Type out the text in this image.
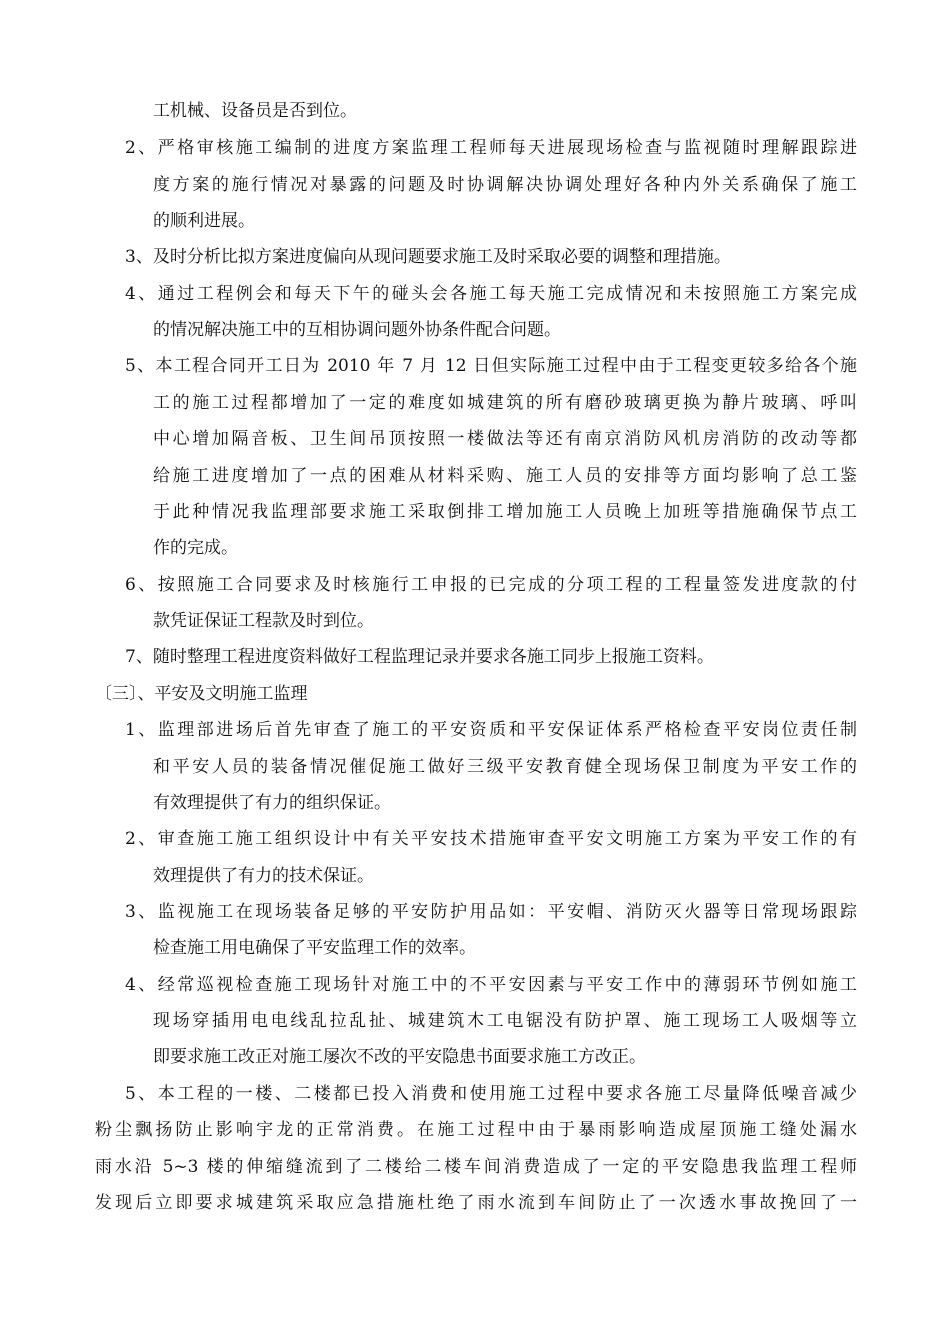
工机械、设备员是否到位。
2、严格审核施工编制的进度方案监理工程师每天进展现场检查与监视随时理解跟踪进
度方案的施行情况对暴露的问题及时协调解决协调处理好各种内外关系确保了施工
的顺利进展。
3、及时分析比拟方案进度偏向从现问题要求施工及时采取必要的调整和理措施。
4、通过工程例会和每天下午的碰头会各施工每天施工完成情况和未按照施工方案完成
的情况解决施工中的互相协调问题外协条件配合问题。
5、本工程合同开工日为 2010 年 7 月 12 日但实际施工过程中由于工程变更较多给各个施
工的施工过程都增加了一定的难度如城建筑的所有磨砂玻璃更换为静片玻璃、呼叫
中心增加隔音板、卫生间吊顶按照一楼做法等还有南京消防风机房消防的改动等都
给施工进度增加了一点的困难从材料采购、施工人员的安排等方面均影响了总工鉴
于此种情况我监理部要求施工采取倒排工增加施工人员晚上加班等措施确保节点工
作的完成。
6、按照施工合同要求及时核施行工申报的已完成的分项工程的工程量签发进度款的付
款凭证保证工程款及时到位。
7、随时整理工程进度资料做好工程监理记录并要求各施工同步上报施工资料。
〔三〕、平安及文明施工监理
1、监理部进场后首先审查了施工的平安资质和平安保证体系严格检查平安岗位责任制
和平安人员的装备情况催促施工做好三级平安教育健全现场保卫制度为平安工作的
有效理提供了有力的组织保证。
2、审查施工施工组织设计中有关平安技术措施审查平安文明施工方案为平安工作的有
效理提供了有力的技术保证。
3、监视施工在现场装备足够的平安防护用品如：平安帽、消防灭火器等日常现场跟踪
检查施工用电确保了平安监理工作的效率。
4、经常巡视检查施工现场针对施工中的不平安因素与平安工作中的薄弱环节例如施工
现场穿插用电电线乱拉乱扯、城建筑木工电锯没有防护罩、施工现场工人吸烟等立
即要求施工改正对施工屡次不改的平安隐患书面要求施工方改正。
5、本工程的一楼、二楼都已投入消费和使用施工过程中要求各施工尽量降低噪音减少
粉尘飘扬防止影响宇龙的正常消费。在施工过程中由于暴雨影响造成屋顶施工缝处漏水
雨水沿 5~3 楼的伸缩缝流到了二楼给二楼车间消费造成了一定的平安隐患我监理工程师
发现后立即要求城建筑采取应急措施杜绝了雨水流到车间防止了一次透水事故挽回了一
